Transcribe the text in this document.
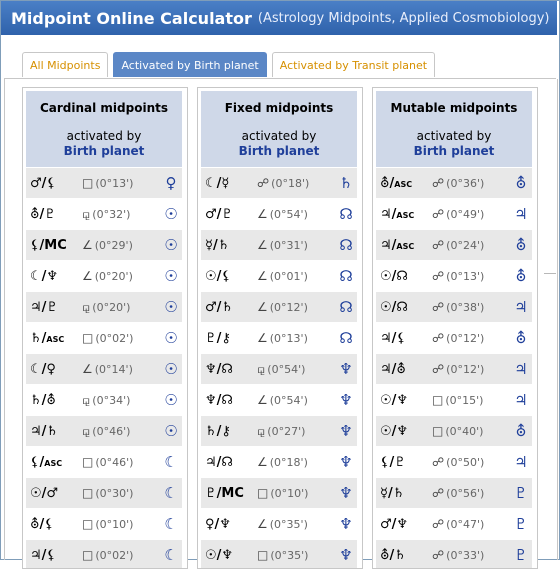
Midpoint Online Calculator (Astrology Midpoints, Applied Cosmobiology)
All Midpoints	Activated by Birth planet	Activated by Transit planet
Cardinal midpoints
activated by
Birth planet
♂/⚸	□ (0°13')	♀
⛢/♇	⚼ (0°32')	☉
⚸/MC	∠ (0°29')	☉
☾/♆	∠ (0°20')	☉
♃/♇	⚼ (0°20')	☉
♄/ASC	□ (0°02')	☉
☾/♀	∠ (0°14')	☉
♄/⛢	⚼ (0°34')	☉
♃/♄	⚼ (0°46')	☉
⚸/ASC	□ (0°46')	☾
☉/♂	□ (0°30')	☾
⛢/⚸	□ (0°10')	☾
♃/⚸	□ (0°02')	☾
Fixed midpoints
activated by
Birth planet
☾/☿	☍ (0°18')	♄
♂/♇	∠ (0°54')	☊
☿/♄	∠ (0°31')	☊
☉/⚸	∠ (0°01')	☊
♂/♄	∠ (0°12')	☊
♇/⚷	∠ (0°13')	☊
♆/☊	⚼ (0°54')	♆
♆/☊	∠ (0°54')	♆
♄/⚷	⚼ (0°27')	♆
♃/☊	∠ (0°18')	♆
♇/MC	□ (0°10')	♆
♀/♆	∠ (0°35')	♆
☉/♆	□ (0°35')	♆
Mutable midpoints
activated by
Birth planet
⛢/ASC	☍ (0°36')	⛢
♃/ASC	☍ (0°49')	♃
♃/ASC	☍ (0°24')	⛢
☉/☊	☍ (0°13')	⛢
☉/☊	☍ (0°38')	♃
♃/⚸	☍ (0°12')	⛢
♃/⛢	☍ (0°12')	♃
☉/♆	□ (0°15')	♃
☉/♆	□ (0°40')	⛢
⚸/♇	☍ (0°50')	♃
☿/♄	☍ (0°56')	♇
♂/♆	☍ (0°47')	♇
⛢/♄	☍ (0°33')	♇
